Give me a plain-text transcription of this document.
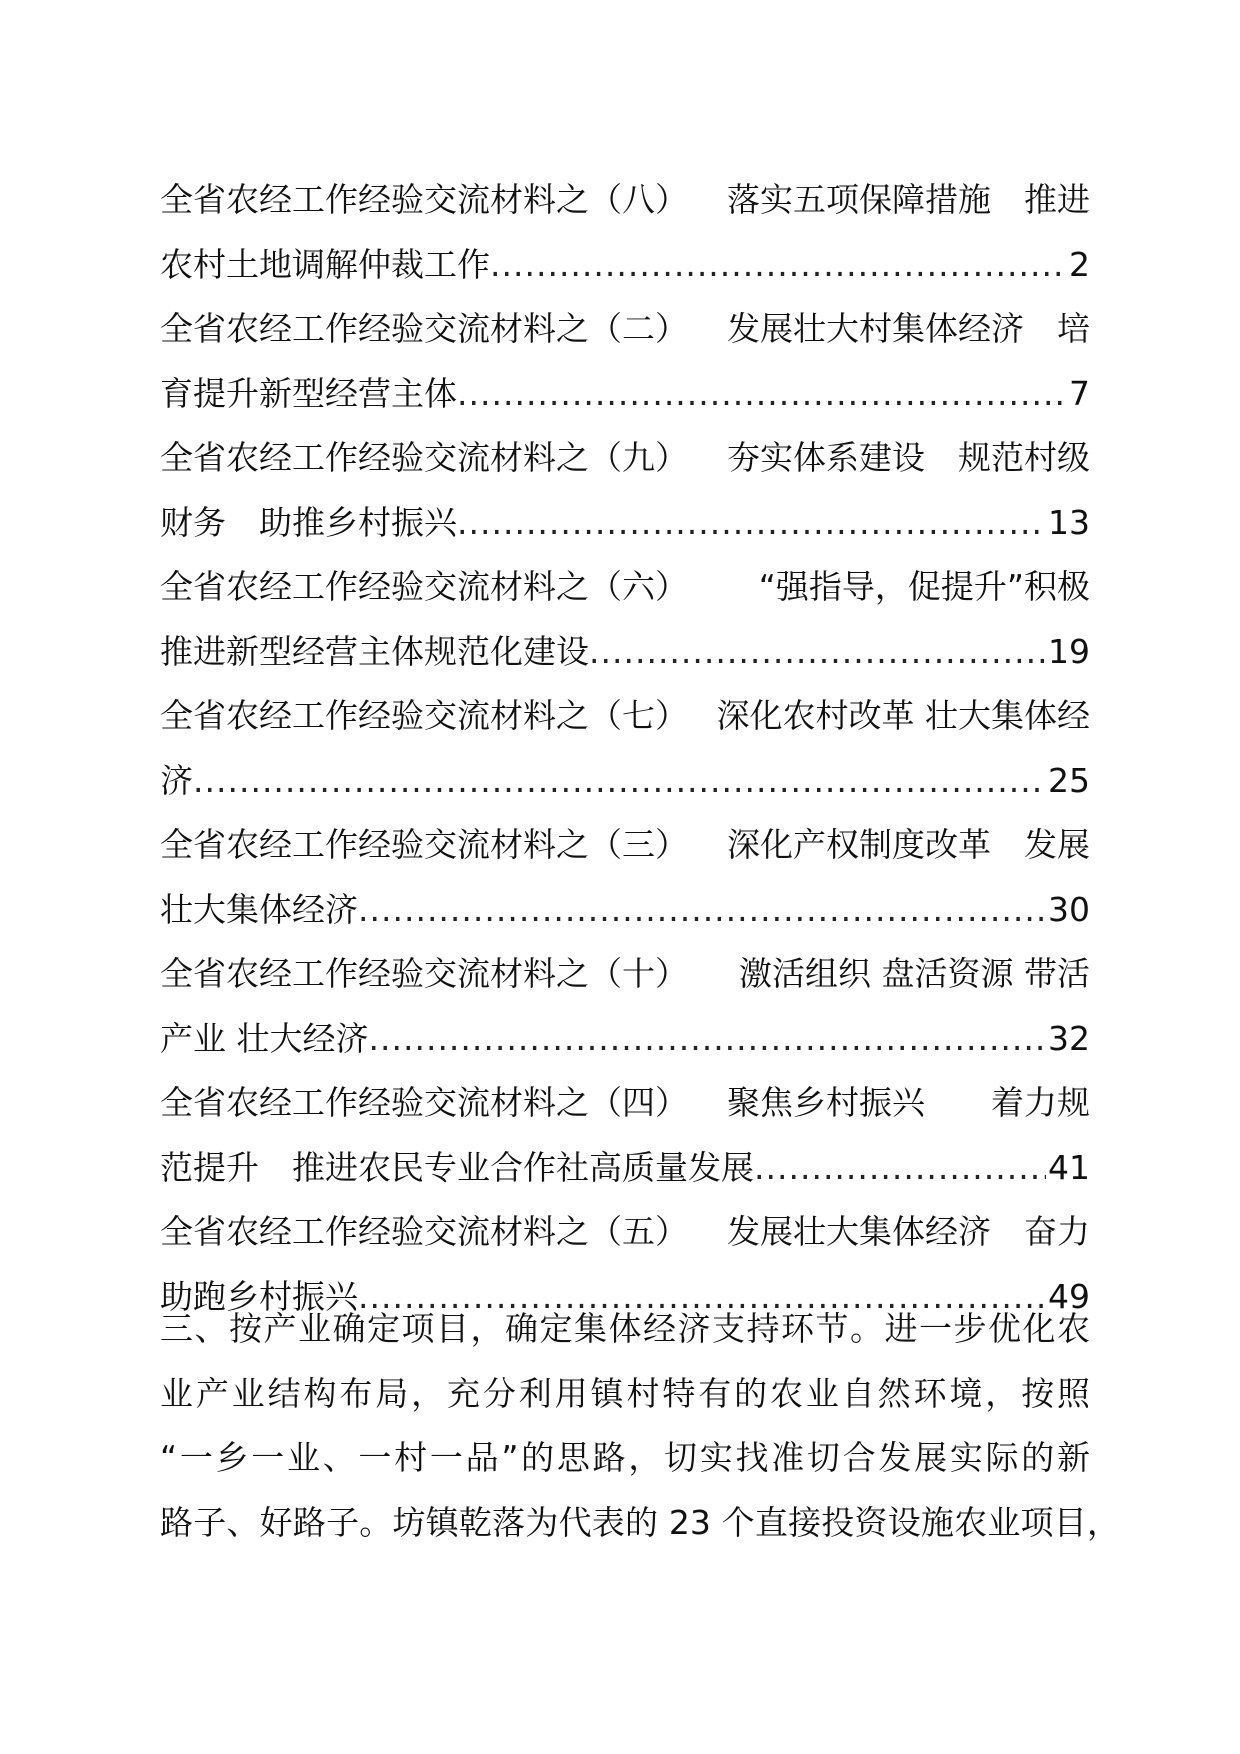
全省农经工作经验交流材料之（八） 落实五项保障措施　推进
农村土地调解仲裁工作 .....	2
全省农经工作经验交流材料之（二） 发展壮大村集体经济　培
育提升新型经营主体 .....	7
全省农经工作经验交流材料之（九） 夯实体系建设　规范村级
财务　助推乡村振兴 .....	13
全省农经工作经验交流材料之（六） “强指导，促提升”积极
推进新型经营主体规范化建设 .....	19
全省农经工作经验交流材料之（七） 深化农村改革 壮大集体经
济 .....	25
全省农经工作经验交流材料之（三） 深化产权制度改革　发展
壮大集体经济 .....	30
全省农经工作经验交流材料之（十） 激活组织 盘活资源 带活
产业 壮大经济 .....	32
全省农经工作经验交流材料之（四） 聚焦乡村振兴　　着力规
范提升　推进农民专业合作社高质量发展 .....	41
全省农经工作经验交流材料之（五） 发展壮大集体经济　奋力
助跑乡村振兴 .....	49
三、按产业确定项目，确定集体经济支持环节。进一步优化农
业产业结构布局，充分利用镇村特有的农业自然环境，按照
“一乡一业、一村一品”的思路，切实找准切合发展实际的新
路子、好路子。坊镇乾落为代表的 23 个直接投资设施农业项目，
